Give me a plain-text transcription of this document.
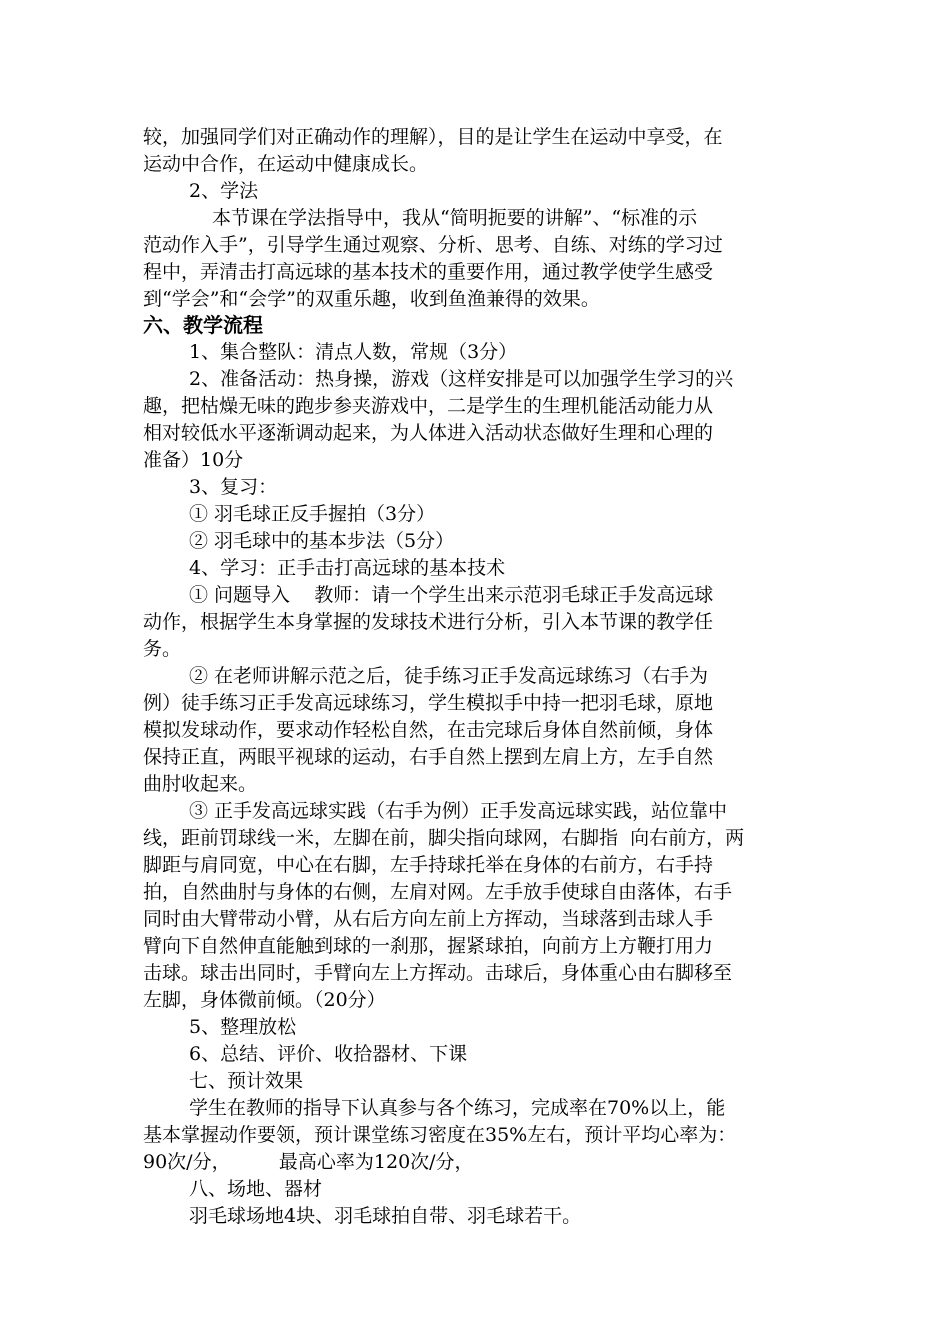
较，加强同学们对正确动作的理解），目的是让学生在运动中享受，在
运动中合作，在运动中健康成长。
2、学法
本节课在学法指导中，我从“简明扼要的讲解”、“标准的示
范动作入手”，引导学生通过观察、分析、思考、自练、对练的学习过
程中，弄清击打高远球的基本技术的重要作用，通过教学使学生感受
到“学会”和“会学”的双重乐趣，收到鱼渔兼得的效果。
六、教学流程
1、集合整队：清点人数，常规（3分）
2、准备活动：热身操，游戏（这样安排是可以加强学生学习的兴
趣，把枯燥无味的跑步参夹游戏中，二是学生的生理机能活动能力从
相对较低水平逐渐调动起来，为人体进入活动状态做好生理和心理的
准备）10分
3、复习：
① 羽毛球正反手握拍（3分）
② 羽毛球中的基本步法（5分）
4、学习：正手击打高远球的基本技术
① 问题导入    教师：请一个学生出来示范羽毛球正手发高远球
动作，根据学生本身掌握的发球技术进行分析，引入本节课的教学任
务。
② 在老师讲解示范之后，徒手练习正手发高远球练习（右手为
例）徒手练习正手发高远球练习，学生模拟手中持一把羽毛球，原地
模拟发球动作，要求动作轻松自然，在击完球后身体自然前倾，身体
保持正直，两眼平视球的运动，右手自然上摆到左肩上方，左手自然
曲肘收起来。
③ 正手发高远球实践（右手为例）正手发高远球实践，站位靠中
线，距前罚球线一米，左脚在前，脚尖指向球网，右脚指  向右前方，两
脚距与肩同宽，中心在右脚，左手持球托举在身体的右前方，右手持
拍，自然曲肘与身体的右侧，左肩对网。左手放手使球自由落体，右手
同时由大臂带动小臂，从右后方向左前上方挥动，当球落到击球人手
臂向下自然伸直能触到球的一刹那，握紧球拍，向前方上方鞭打用力
击球。球击出同时，手臂向左上方挥动。击球后，身体重心由右脚移至
左脚，身体微前倾。（20分）
5、整理放松
6、总结、评价、收拾器材、下课
七、预计效果
学生在教师的指导下认真参与各个练习，完成率在70%以上，能
基本掌握动作要领，预计课堂练习密度在35%左右，预计平均心率为：
90次/分，        最高心率为120次/分，
八、场地、器材
羽毛球场地4块、羽毛球拍自带、羽毛球若干。
